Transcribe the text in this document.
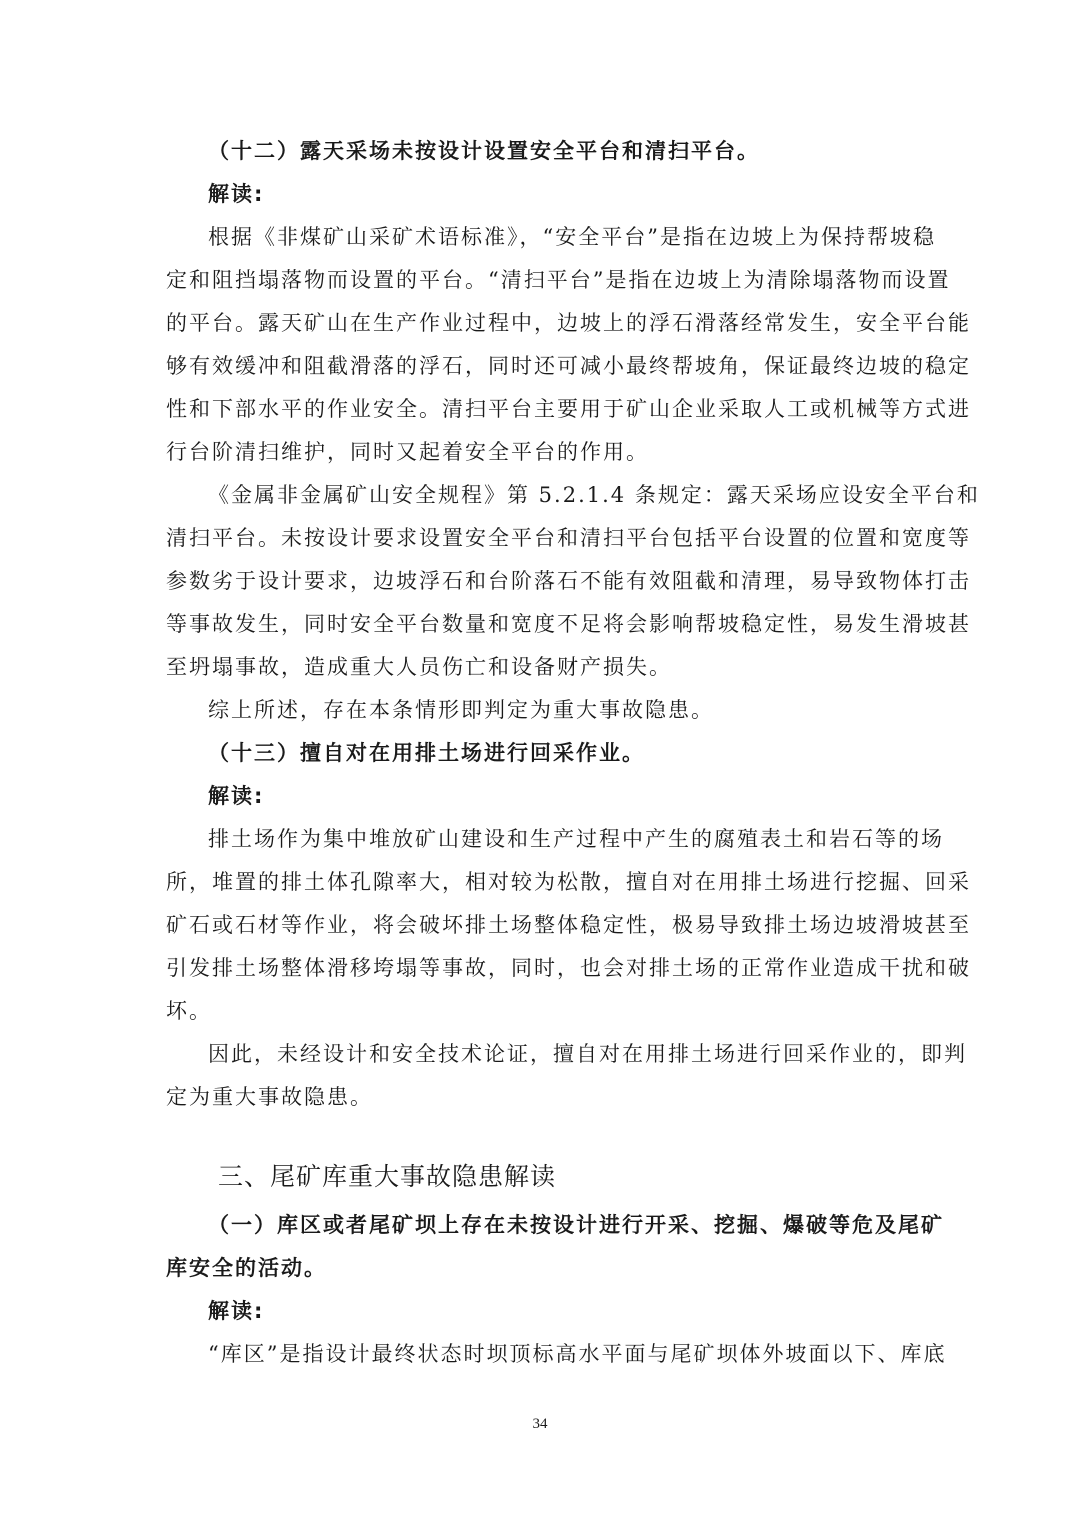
（十二）露天采场未按设计设置安全平台和清扫平台。
解读:
根据《非煤矿山采矿术语标准》，“安全平台”是指在边坡上为保持帮坡稳
定和阻挡塌落物而设置的平台。“清扫平台”是指在边坡上为清除塌落物而设置
的平台。露天矿山在生产作业过程中，边坡上的浮石滑落经常发生，安全平台能
够有效缓冲和阻截滑落的浮石，同时还可减小最终帮坡角，保证最终边坡的稳定
性和下部水平的作业安全。清扫平台主要用于矿山企业采取人工或机械等方式进
行台阶清扫维护，同时又起着安全平台的作用。
《金属非金属矿山安全规程》第 5.2.1.4 条规定：露天采场应设安全平台和
清扫平台。未按设计要求设置安全平台和清扫平台包括平台设置的位置和宽度等
参数劣于设计要求，边坡浮石和台阶落石不能有效阻截和清理，易导致物体打击
等事故发生，同时安全平台数量和宽度不足将会影响帮坡稳定性，易发生滑坡甚
至坍塌事故，造成重大人员伤亡和设备财产损失。
综上所述，存在本条情形即判定为重大事故隐患。
（十三）擅自对在用排土场进行回采作业。
解读:
排土场作为集中堆放矿山建设和生产过程中产生的腐殖表土和岩石等的场
所，堆置的排土体孔隙率大，相对较为松散，擅自对在用排土场进行挖掘、回采
矿石或石材等作业，将会破坏排土场整体稳定性，极易导致排土场边坡滑坡甚至
引发排土场整体滑移垮塌等事故，同时，也会对排土场的正常作业造成干扰和破
坏。
因此，未经设计和安全技术论证，擅自对在用排土场进行回采作业的，即判
定为重大事故隐患。
三、尾矿库重大事故隐患解读
（一）库区或者尾矿坝上存在未按设计进行开采、挖掘、爆破等危及尾矿
库安全的活动。
解读:
“库区”是指设计最终状态时坝顶标高水平面与尾矿坝体外坡面以下、库底
34
